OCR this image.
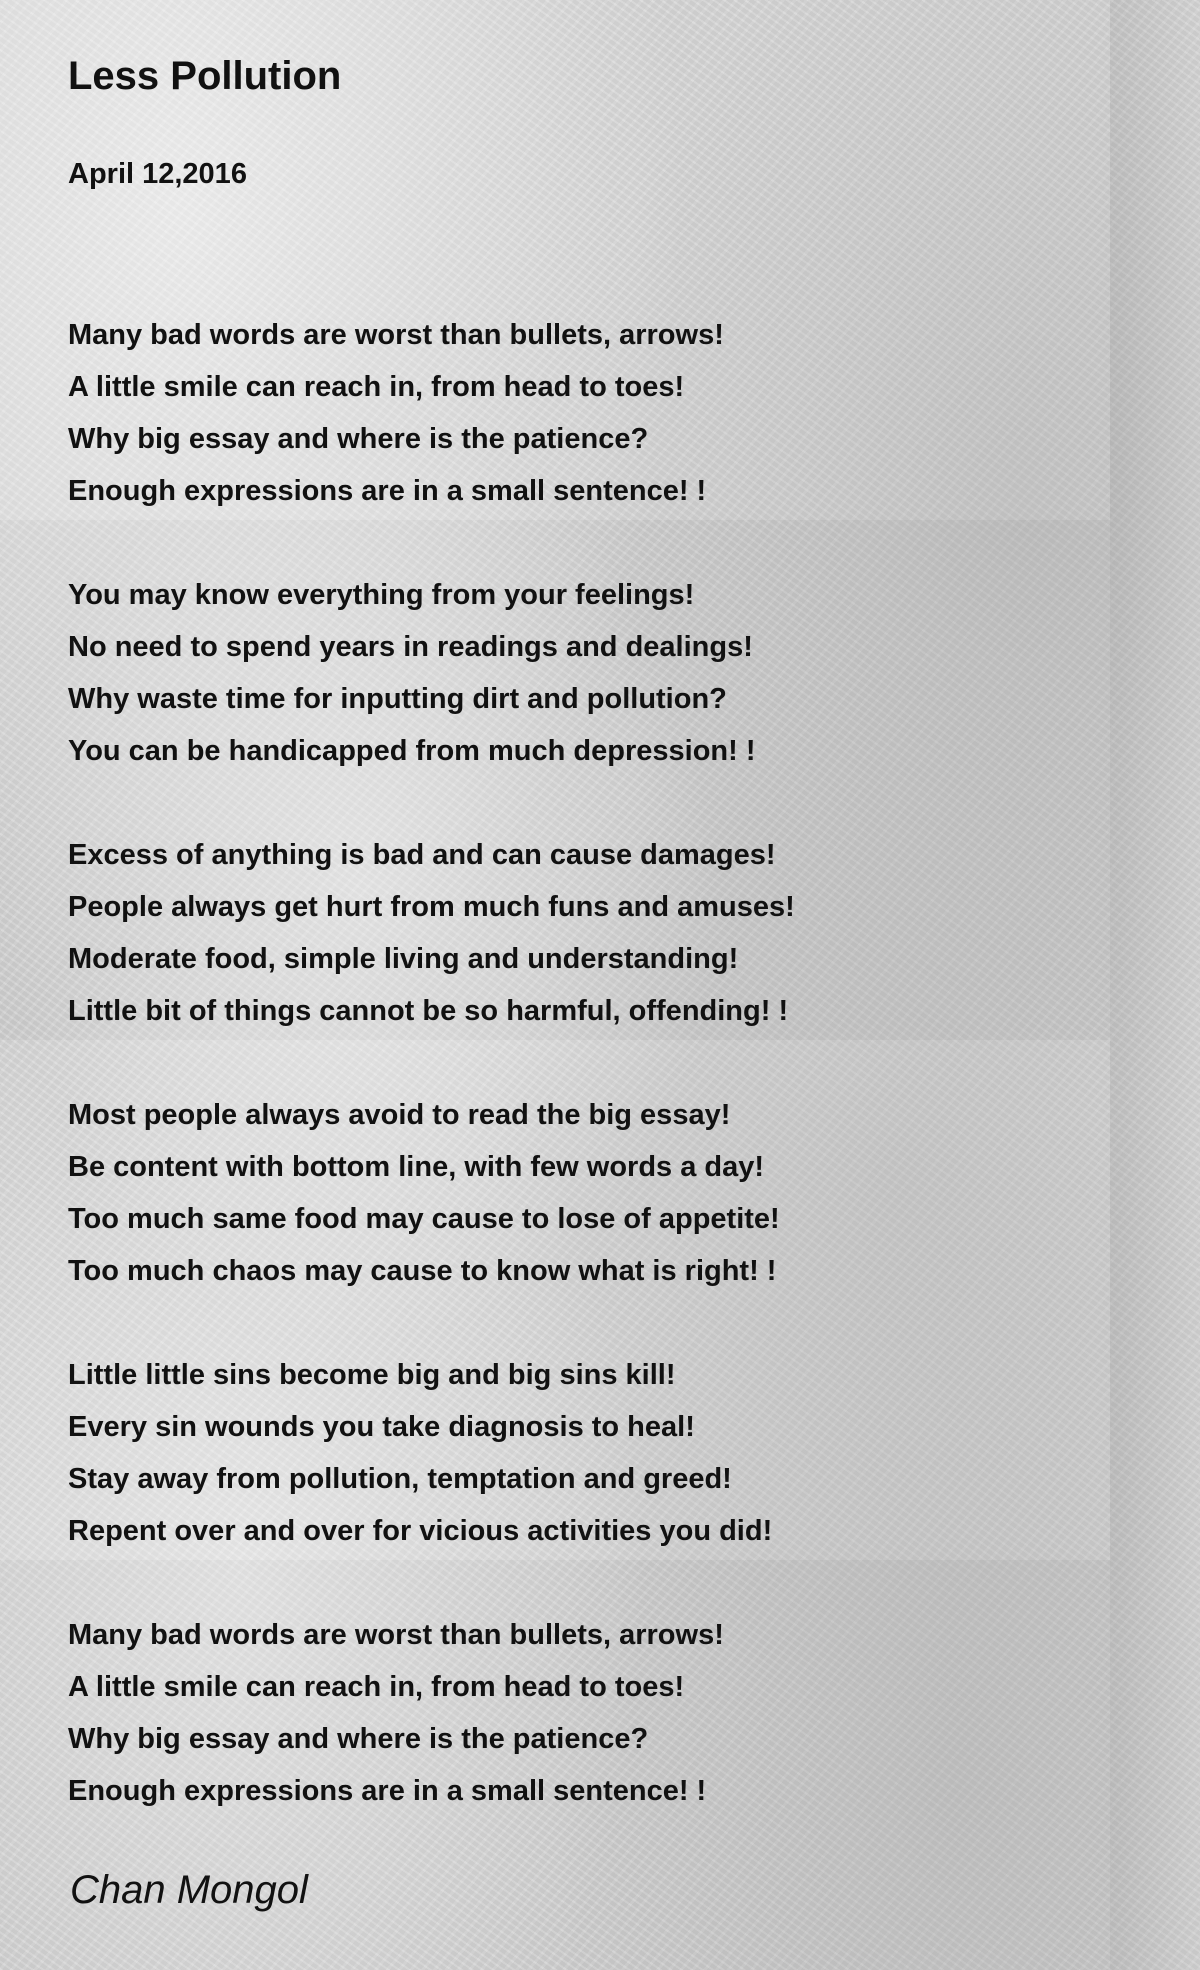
Less Pollution
April 12,2016
Many bad words are worst than bullets, arrows!
A little smile can reach in, from head to toes!
Why big essay and where is the patience?
Enough expressions are in a small sentence! !
You may know everything from your feelings!
No need to spend years in readings and dealings!
Why waste time for inputting dirt and pollution?
You can be handicapped from much depression! !
Excess of anything is bad and can cause damages!
People always get hurt from much funs and amuses!
Moderate food, simple living and understanding!
Little bit of things cannot be so harmful, offending! !
Most people always avoid to read the big essay!
Be content with bottom line, with few words a day!
Too much same food may cause to lose of appetite!
Too much chaos may cause to know what is right! !
Little little sins become big and big sins kill!
Every sin wounds you take diagnosis to heal!
Stay away from pollution, temptation and greed!
Repent over and over for vicious activities you did!
Many bad words are worst than bullets, arrows!
A little smile can reach in, from head to toes!
Why big essay and where is the patience?
Enough expressions are in a small sentence! !
Chan Mongol
